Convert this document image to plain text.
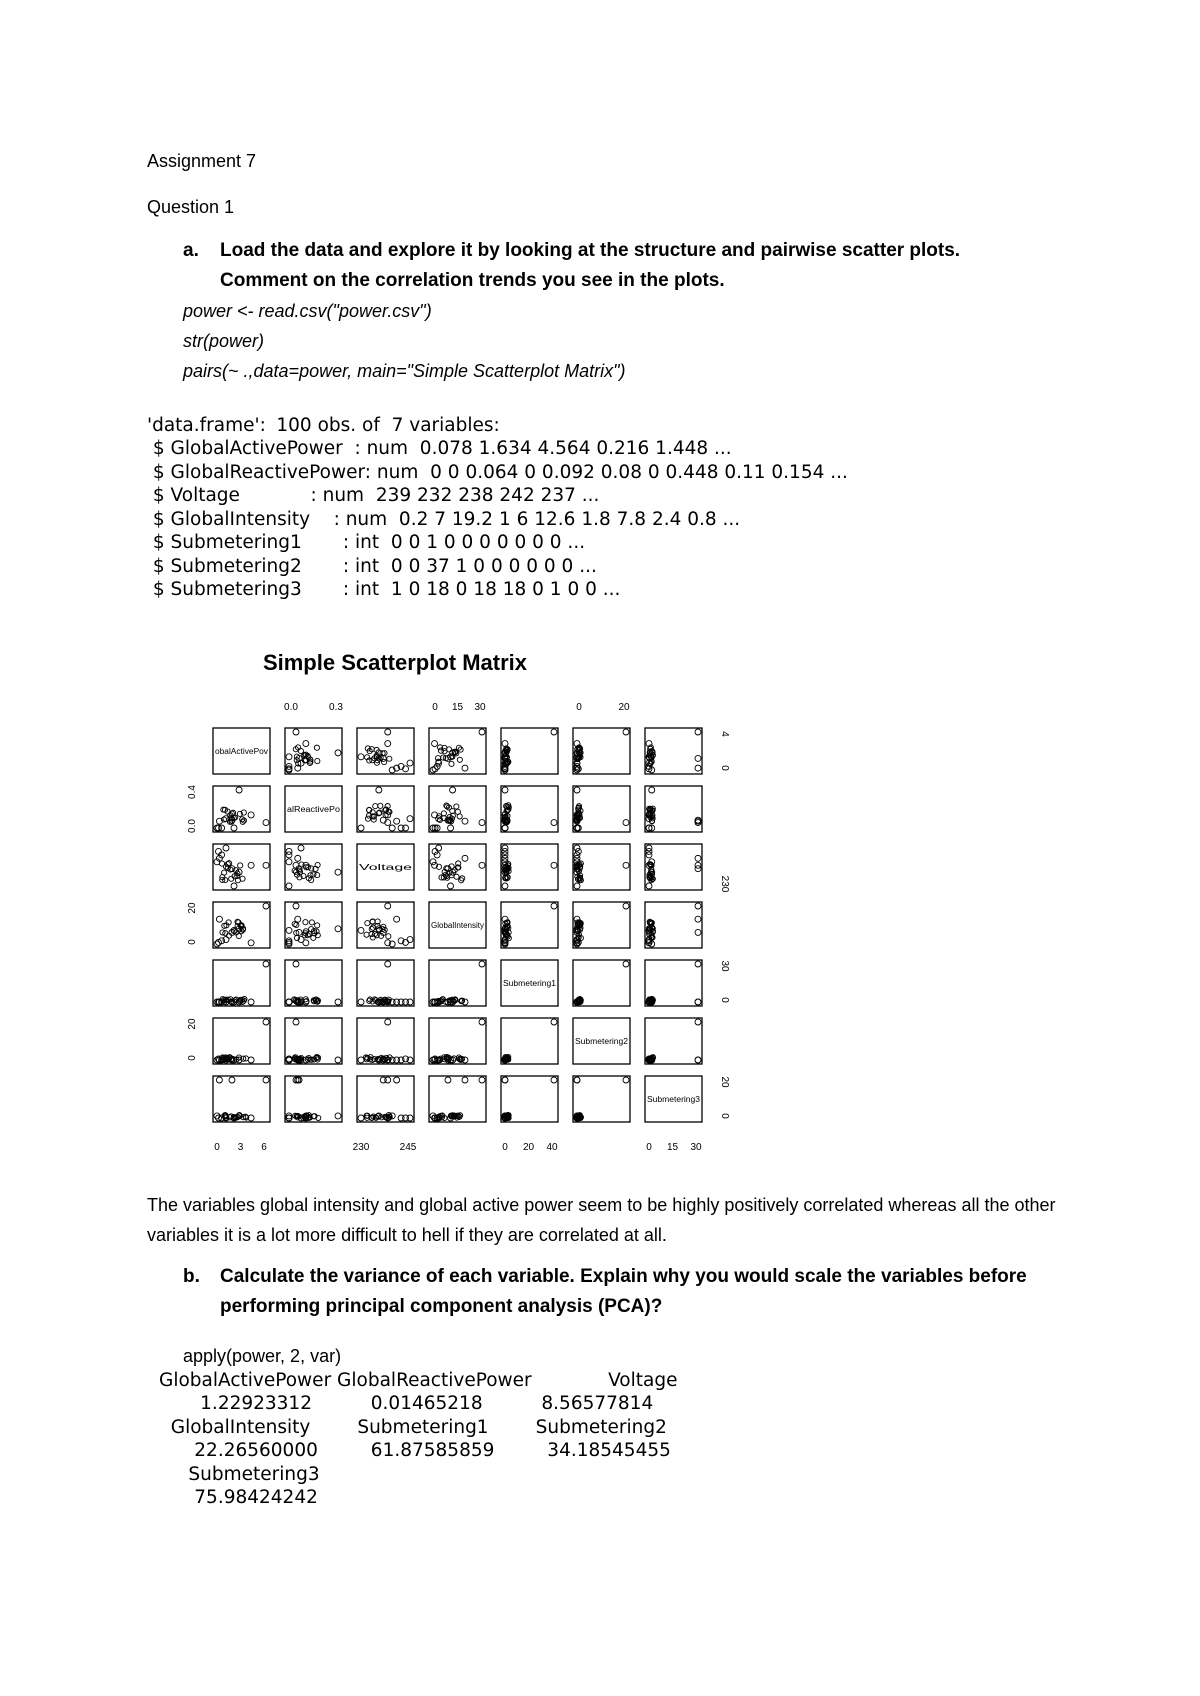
Assignment 7
Question 1
a. Load the data and explore it by looking at the structure and pairwise scatter plots.
Comment on the correlation trends you see in the plots.
power <- read.csv("power.csv")
str(power)
pairs(~ .,data=power, main="Simple Scatterplot Matrix")
'data.frame':	100 obs. of  7 variables:
$ GlobalActivePower  : num  0.078 1.634 4.564 0.216 1.448 ...
$ GlobalReactivePower: num  0 0 0.064 0 0.092 0.08 0 0.448 0.11 0.154 ...
$ Voltage            : num  239 232 238 242 237 ...
$ GlobalIntensity    : num  0.2 7 19.2 1 6 12.6 1.8 7.8 2.4 0.8 ...
$ Submetering1       : int  0 0 1 0 0 0 0 0 0 0 ...
$ Submetering2       : int  0 0 37 1 0 0 0 0 0 0 ...
$ Submetering3       : int  1 0 18 0 18 18 0 1 0 0 ...
Simple Scatterplot Matrix
obalActivePov
alReactivePo
Voltage
GlobalIntensity
Submetering1
Submetering2
Submetering3
0.0	0.3	0 15 30	0	20
0 3 6	230	245	0 20 40	0 15 30
0.0
0.4
0
20
0
20
0
4
230
0
30
0
20
The variables global intensity and global active power seem to be highly positively correlated whereas all the other variables it is a lot more difficult to hell if they are correlated at all.
b. Calculate the variance of each variable. Explain why you would scale the variables before
performing principal component analysis (PCA)?
apply(power, 2, var)
GlobalActivePower GlobalReactivePower             Voltage
1.22923312          0.01465218          8.56577814
GlobalIntensity        Submetering1        Submetering2
22.26560000         61.87585859         34.18545455
Submetering3
75.98424242
